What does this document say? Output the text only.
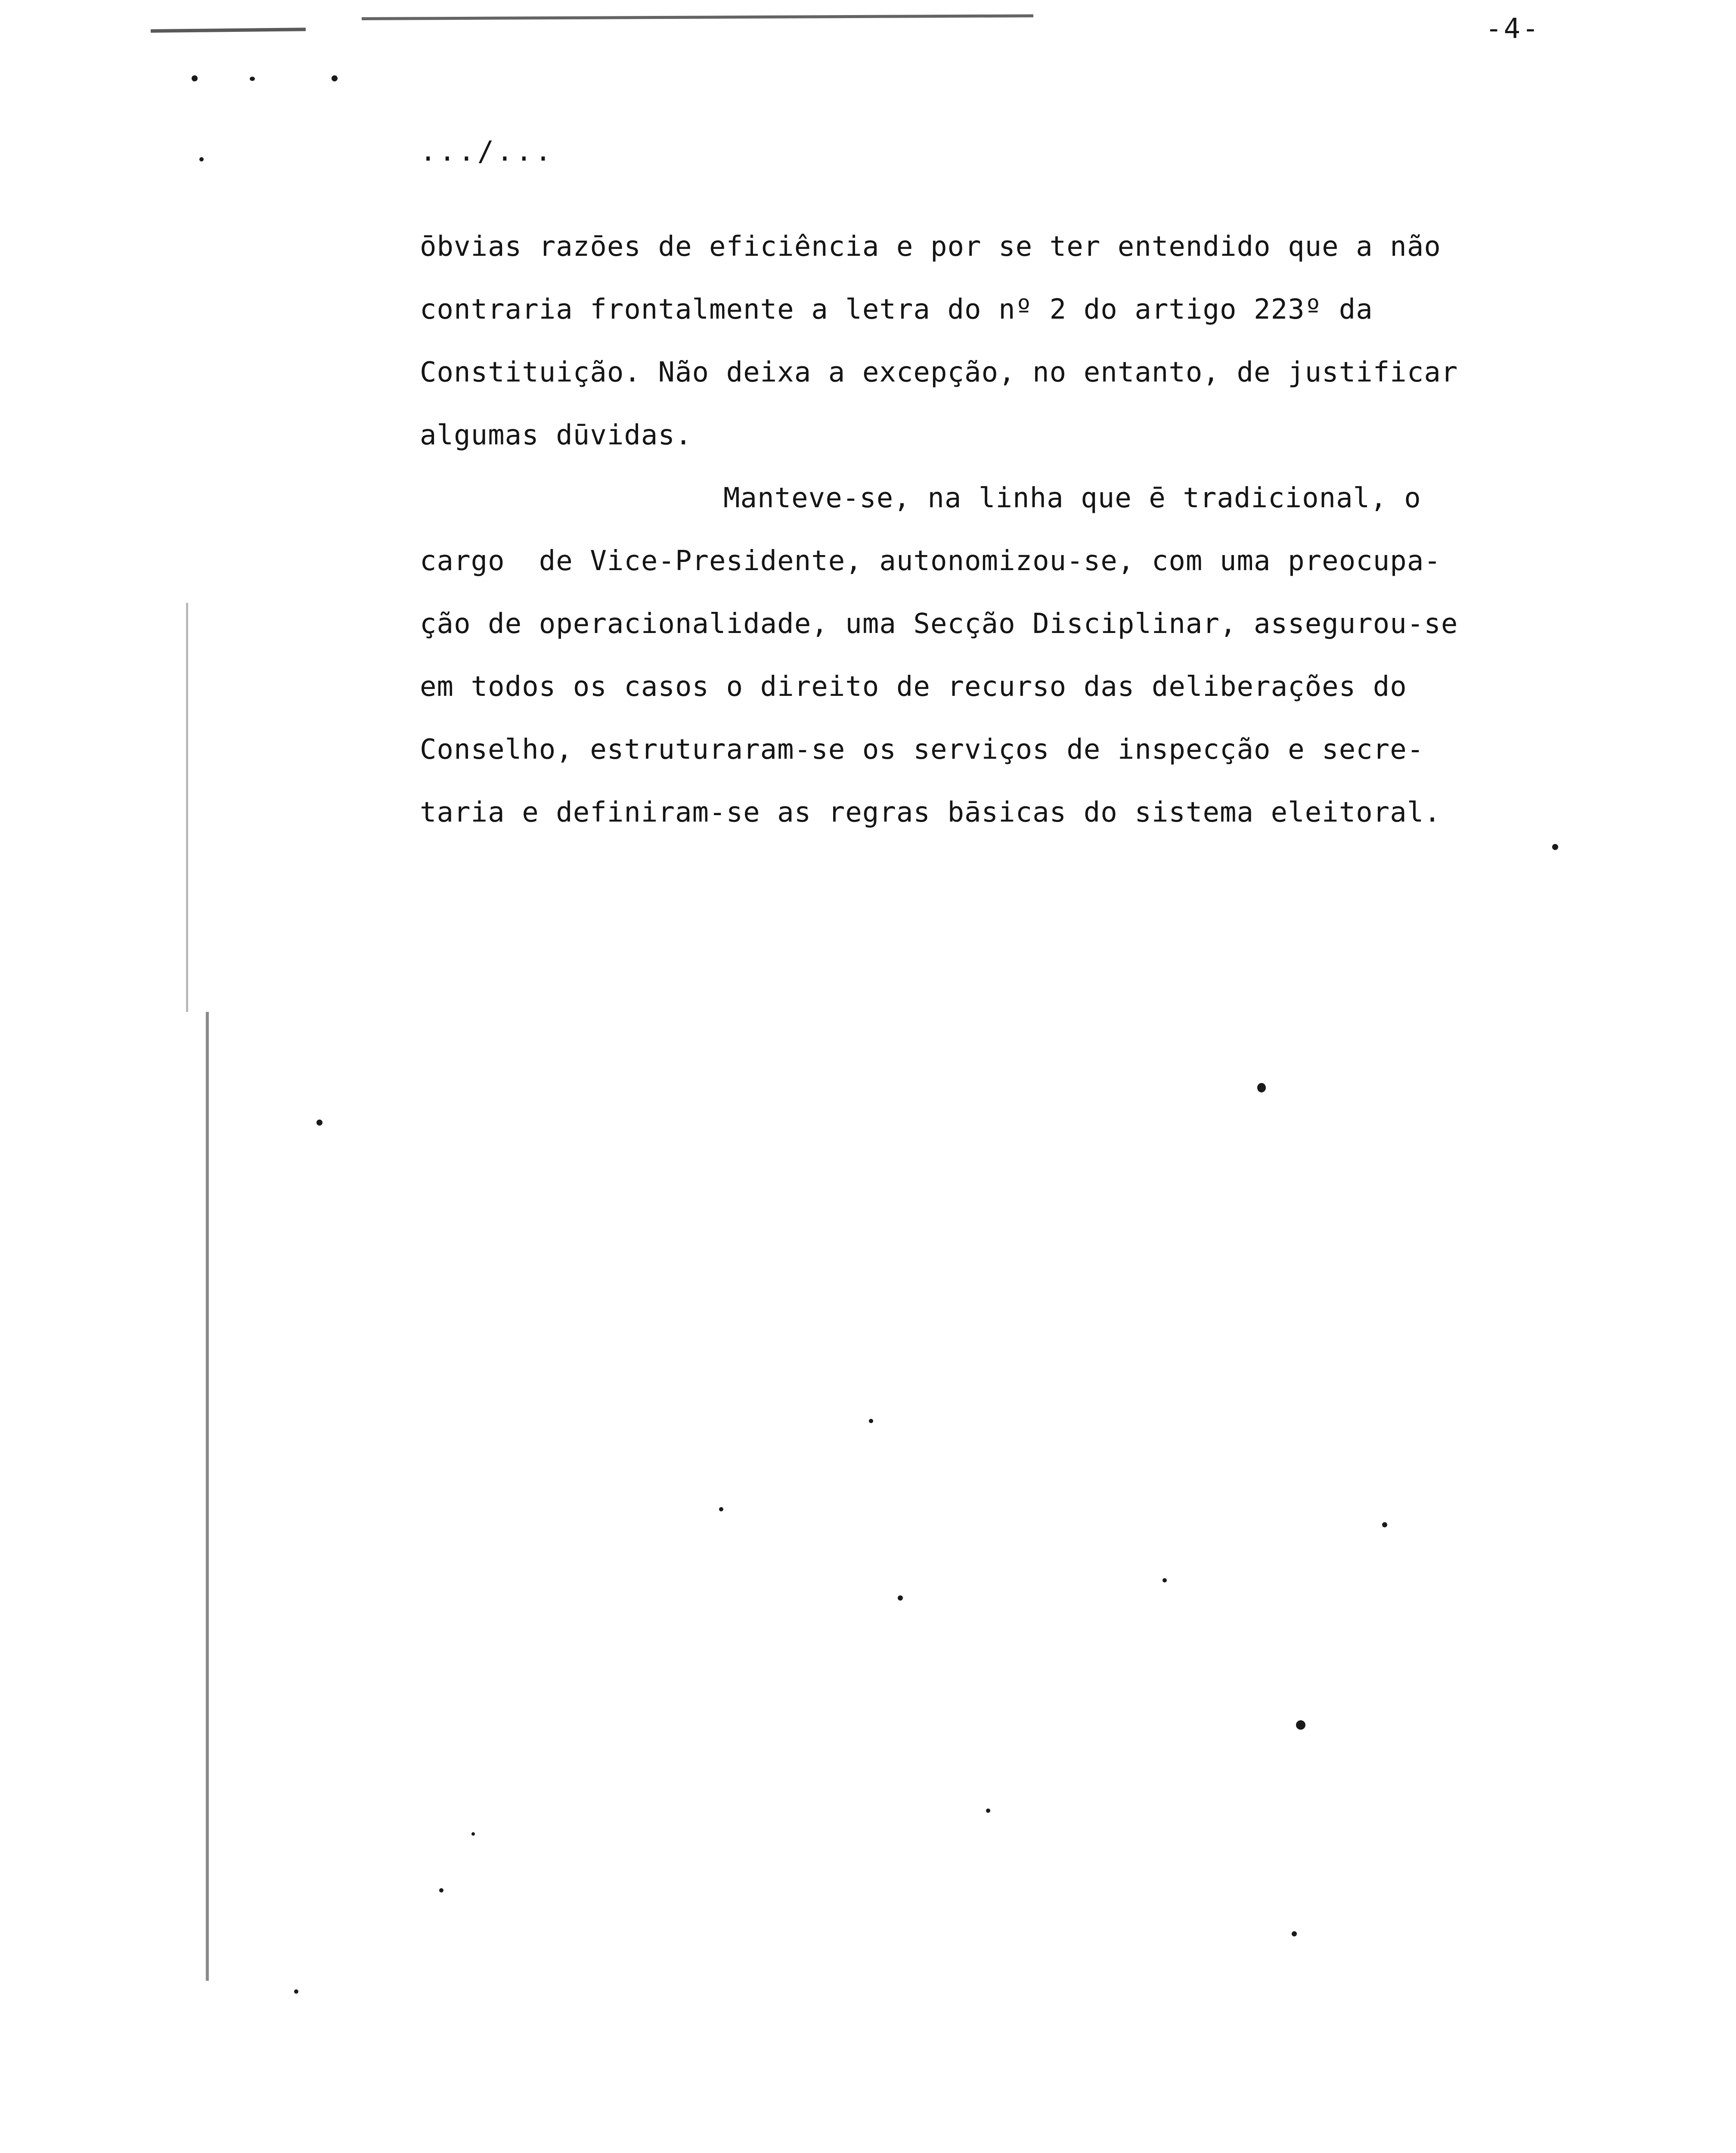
-4-
.../...
ōbvias razōes de eficiência e por se ter entendido que a não
contraria frontalmente a letra do nº 2 do artigo 223º da
Constituição. Não deixa a excepção, no entanto, de justificar
algumas dūvidas.
Manteve-se, na linha que ē tradicional, o
cargo  de Vice-Presidente, autonomizou-se, com uma preocupa-
ção de operacionalidade, uma Secção Disciplinar, assegurou-se
em todos os casos o direito de recurso das deliberações do
Conselho, estruturaram-se os serviços de inspecção e secre-
taria e definiram-se as regras bāsicas do sistema eleitoral.
